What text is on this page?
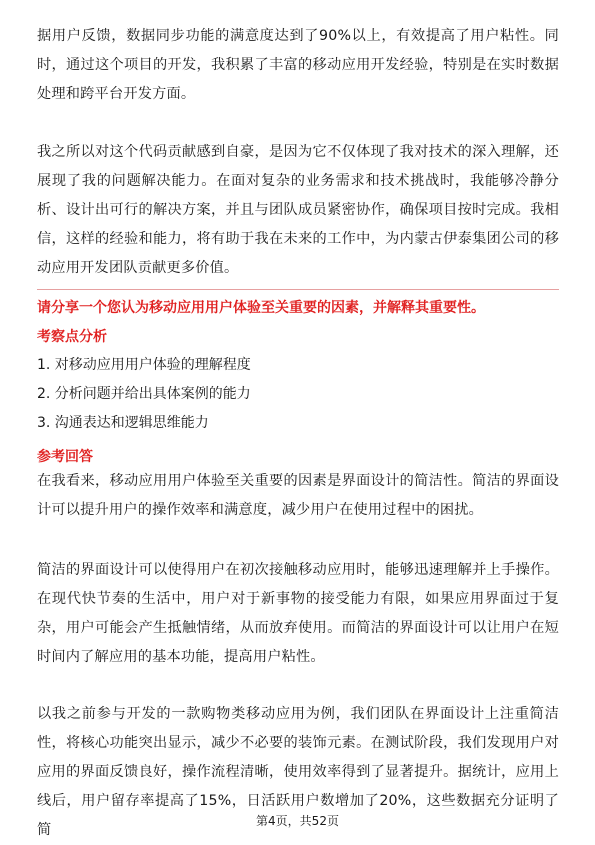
据用户反馈，数据同步功能的满意度达到了90%以上，有效提高了用户粘性。同时，通过这个项目的开发，我积累了丰富的移动应用开发经验，特别是在实时数据处理和跨平台开发方面。

我之所以对这个代码贡献感到自豪，是因为它不仅体现了我对技术的深入理解，还展现了我的问题解决能力。在面对复杂的业务需求和技术挑战时，我能够冷静分析、设计出可行的解决方案，并且与团队成员紧密协作，确保项目按时完成。我相信，这样的经验和能力，将有助于我在未来的工作中，为内蒙古伊泰集团公司的移动应用开发团队贡献更多价值。

请分享一个您认为移动应用用户体验至关重要的因素，并解释其重要性。

考察点分析

1. 对移动应用用户体验的理解程度

2. 分析问题并给出具体案例的能力

3. 沟通表达和逻辑思维能力

参考回答

在我看来，移动应用用户体验至关重要的因素是界面设计的简洁性。简洁的界面设计可以提升用户的操作效率和满意度，减少用户在使用过程中的困扰。

简洁的界面设计可以使得用户在初次接触移动应用时，能够迅速理解并上手操作。在现代快节奏的生活中，用户对于新事物的接受能力有限，如果应用界面过于复杂，用户可能会产生抵触情绪，从而放弃使用。而简洁的界面设计可以让用户在短时间内了解应用的基本功能，提高用户粘性。

以我之前参与开发的一款购物类移动应用为例，我们团队在界面设计上注重简洁性，将核心功能突出显示，减少不必要的装饰元素。在测试阶段，我们发现用户对应用的界面反馈良好，操作流程清晰，使用效率得到了显著提升。据统计，应用上线后，用户留存率提高了15%，日活跃用户数增加了20%，这些数据充分证明了简

第4页，共52页
